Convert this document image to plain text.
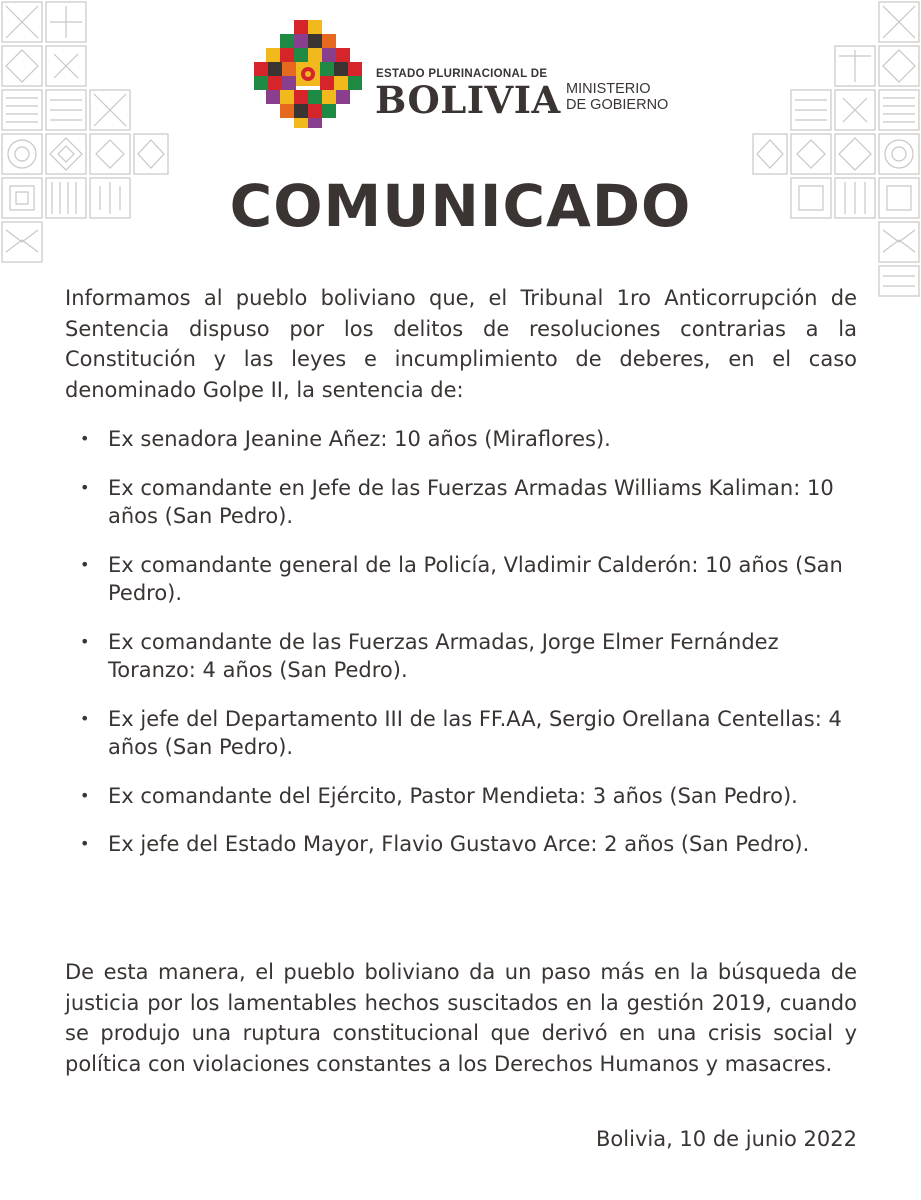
ESTADO PLURINACIONAL DE
BOLIVIA MINISTERIO
DE GOBIERNO
COMUNICADO

Informamos al pueblo boliviano que, el Tribunal 1ro Anticorrupción de Sentencia dispuso por los delitos de resoluciones contrarias a la Constitución y las leyes e incumplimiento de deberes, en el caso denominado Golpe II, la sentencia de:

• Ex senadora Jeanine Añez: 10 años (Miraflores).
• Ex comandante en Jefe de las Fuerzas Armadas Williams Kaliman: 10 años (San Pedro).
• Ex comandante general de la Policía, Vladimir Calderón: 10 años (San Pedro).
• Ex comandante de las Fuerzas Armadas, Jorge Elmer Fernández Toranzo: 4 años (San Pedro).
• Ex jefe del Departamento III de las FF.AA, Sergio Orellana Centellas: 4 años (San Pedro).
• Ex comandante del Ejército, Pastor Mendieta: 3 años (San Pedro).
• Ex jefe del Estado Mayor, Flavio Gustavo Arce: 2 años (San Pedro).

De esta manera, el pueblo boliviano da un paso más en la búsqueda de justicia por los lamentables hechos suscitados en la gestión 2019, cuando se produjo una ruptura constitucional que derivó en una crisis social y política con violaciones constantes a los Derechos Humanos y masacres.

Bolivia, 10 de junio 2022
